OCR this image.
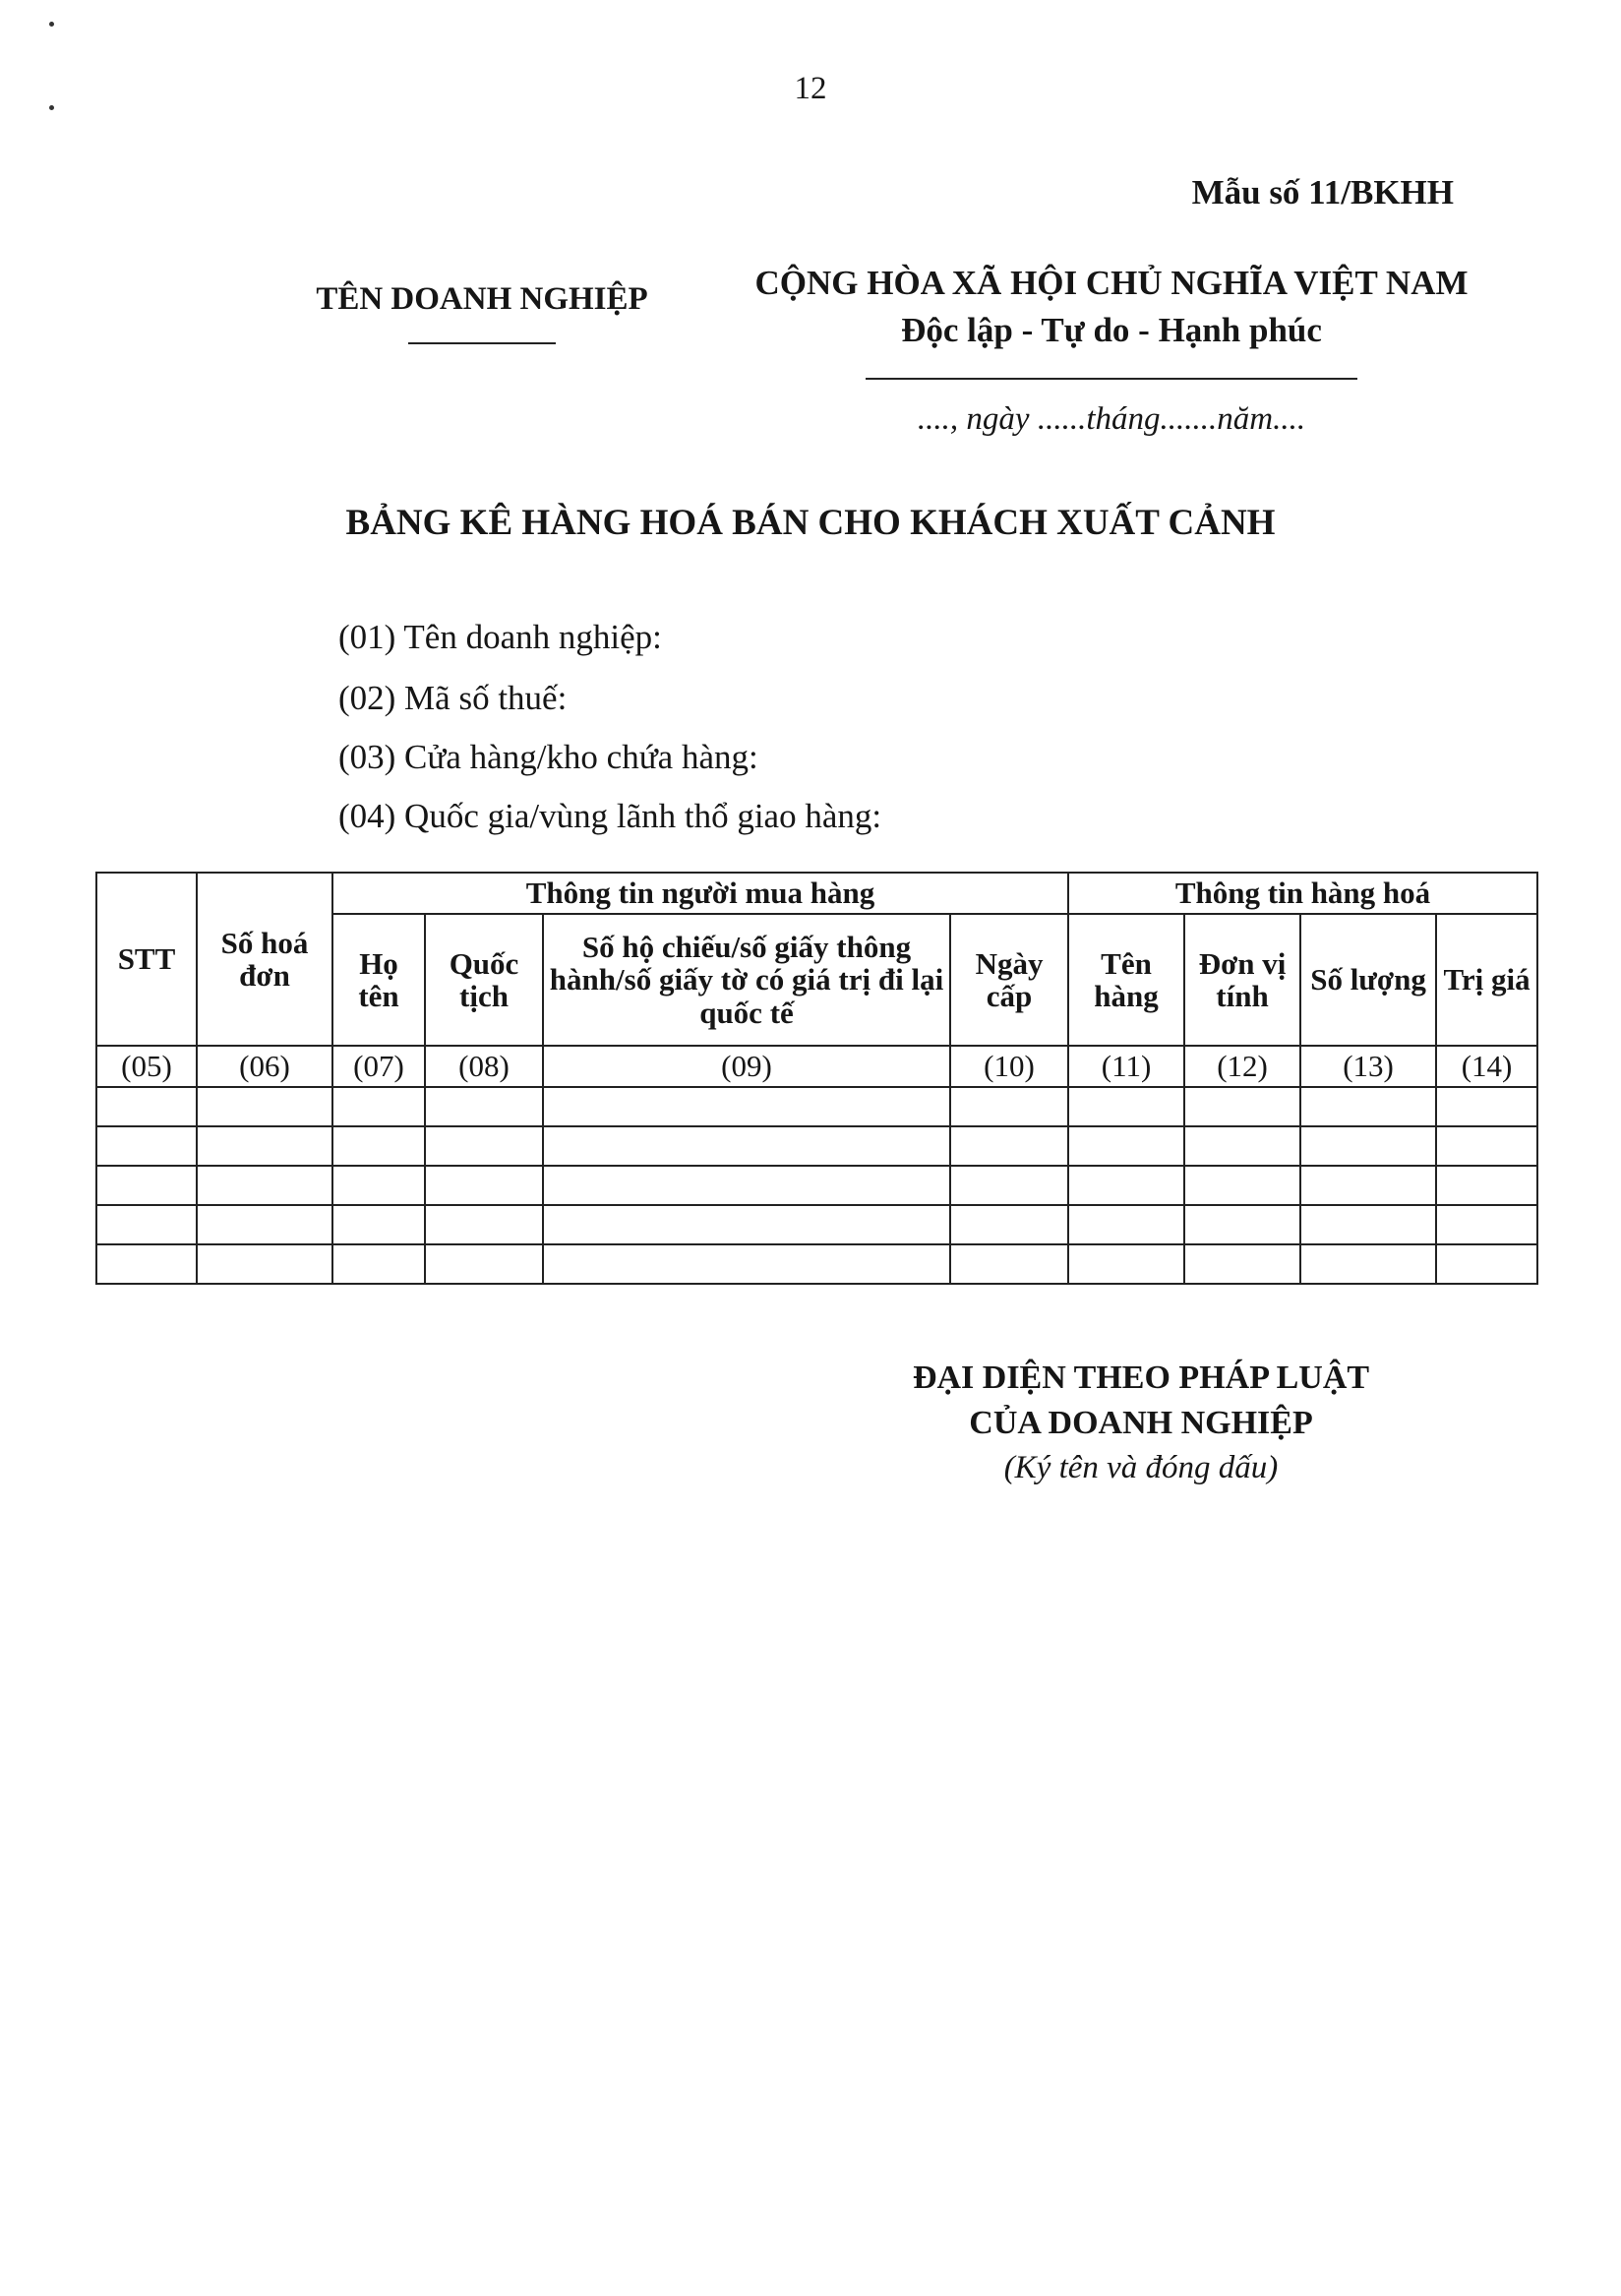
12
Mẫu số 11/BKHH
TÊN DOANH NGHIỆP	CỘNG HÒA XÃ HỘI CHỦ NGHĨA VIỆT NAM
Độc lập - Tự do - Hạnh phúc
...., ngày ......tháng.......năm....
BẢNG KÊ HÀNG HOÁ BÁN CHO KHÁCH XUẤT CẢNH
(01) Tên doanh nghiệp:
(02) Mã số thuế:
(03) Cửa hàng/kho chứa hàng:
(04) Quốc gia/vùng lãnh thổ giao hàng:
STT	Số hoá đơn	Thông tin người mua hàng				Thông tin hàng hoá			
		Họ tên	Quốc tịch	Số hộ chiếu/số giấy thông hành/số giấy tờ có giá trị đi lại quốc tế	Ngày cấp	Tên hàng	Đơn vị tính	Số lượng	Trị giá
(05)	(06)	(07)	(08)	(09)	(10)	(11)	(12)	(13)	(14)

ĐẠI DIỆN THEO PHÁP LUẬT
CỦA DOANH NGHIỆP
(Ký tên và đóng dấu)
